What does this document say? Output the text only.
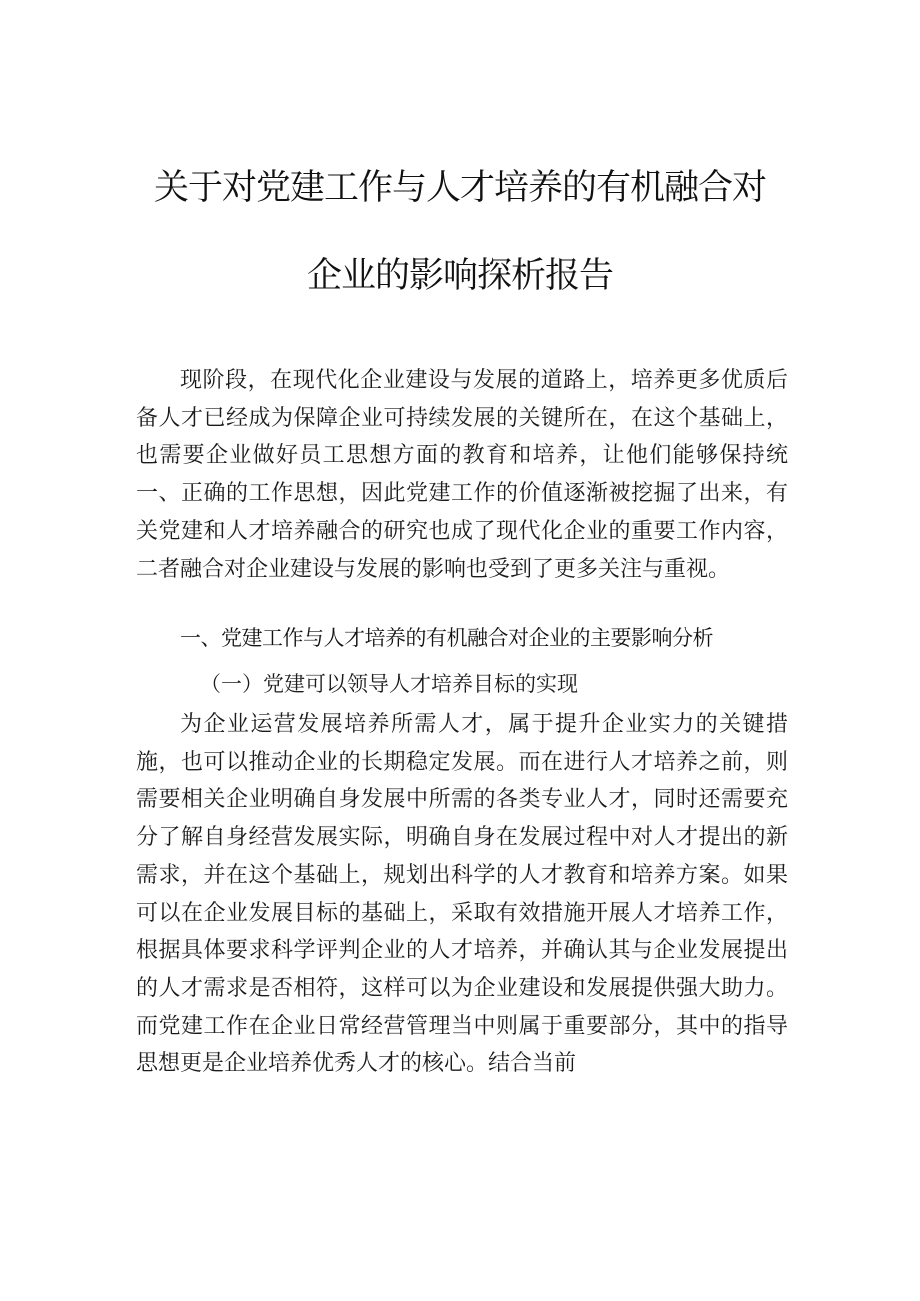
关于对党建工作与人才培养的有机融合对
企业的影响探析报告

现阶段，在现代化企业建设与发展的道路上，培养更多优质后备人才已经成为保障企业可持续发展的关键所在，在这个基础上，也需要企业做好员工思想方面的教育和培养，让他们能够保持统一、正确的工作思想，因此党建工作的价值逐渐被挖掘了出来，有关党建和人才培养融合的研究也成了现代化企业的重要工作内容，二者融合对企业建设与发展的影响也受到了更多关注与重视。

一、党建工作与人才培养的有机融合对企业的主要影响分析
（一）党建可以领导人才培养目标的实现

为企业运营发展培养所需人才，属于提升企业实力的关键措施，也可以推动企业的长期稳定发展。而在进行人才培养之前，则需要相关企业明确自身发展中所需的各类专业人才，同时还需要充分了解自身经营发展实际，明确自身在发展过程中对人才提出的新需求，并在这个基础上，规划出科学的人才教育和培养方案。如果可以在企业发展目标的基础上，采取有效措施开展人才培养工作，根据具体要求科学评判企业的人才培养，并确认其与企业发展提出的人才需求是否相符，这样可以为企业建设和发展提供强大助力。而党建工作在企业日常经营管理当中则属于重要部分，其中的指导思想更是企业培养优秀人才的核心。结合当前
